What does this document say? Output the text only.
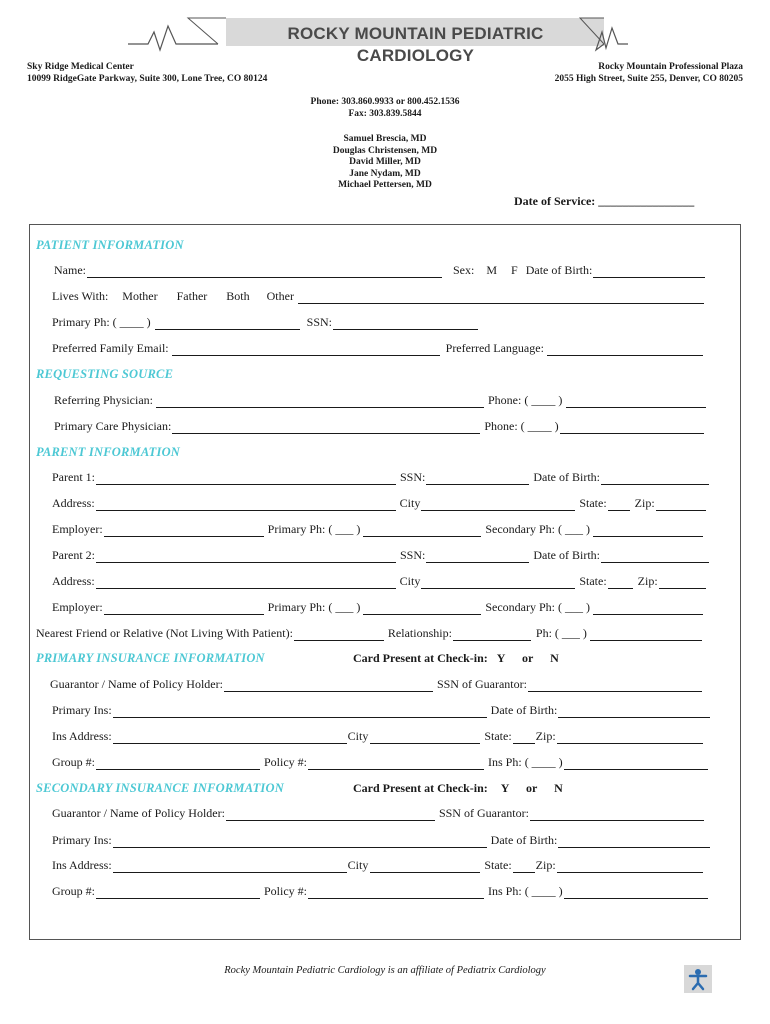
ROCKY MOUNTAIN PEDIATRIC CARDIOLOGY
Sky Ridge Medical Center
10099 RidgeGate Parkway, Suite 300, Lone Tree, CO 80124
Rocky Mountain Professional Plaza
2055 High Street, Suite 255, Denver, CO 80205
Phone: 303.860.9933 or 800.452.1536
Fax: 303.839.5844
Samuel Brescia, MD
Douglas Christensen, MD
David Miller, MD
Jane Nydam, MD
Michael Pettersen, MD
Date of Service: ________________
PATIENT INFORMATION
Name:	Sex: M F Date of Birth:
Lives With: Mother Father Both Other
Primary Ph: ( ____ )	SSN:
Preferred Family Email:	Preferred Language:
REQUESTING SOURCE
Referring Physician:	Phone: ( ____ )
Primary Care Physician:	Phone: ( ____ )
PARENT INFORMATION
Parent 1:	SSN:	Date of Birth:
Address:	City	State: Zip:
Employer:	Primary Ph: ( ___ )	Secondary Ph: ( ___ )
Parent 2:	SSN:	Date of Birth:
Address:	City	State:	Zip:
Employer:	Primary Ph: ( ___ )	Secondary Ph: ( ___ )
Nearest Friend or Relative (Not Living With Patient):	Relationship:	Ph: ( ___ )
PRIMARY INSURANCE INFORMATION	Card Present at Check-in: Y or N
Guarantor / Name of Policy Holder:	SSN of Guarantor:
Primary Ins:	Date of Birth:
Ins Address:	City	State: Zip:
Group #:	Policy #:	Ins Ph: ( ____ )
SECONDARY INSURANCE INFORMATION	Card Present at Check-in: Y or N
Guarantor / Name of Policy Holder:	SSN of Guarantor:
Primary Ins:	Date of Birth:
Ins Address:	City	State: Zip:
Group #:	Policy #:	Ins Ph: ( ____ )
Rocky Mountain Pediatric Cardiology is an affiliate of Pediatrix Cardiology
